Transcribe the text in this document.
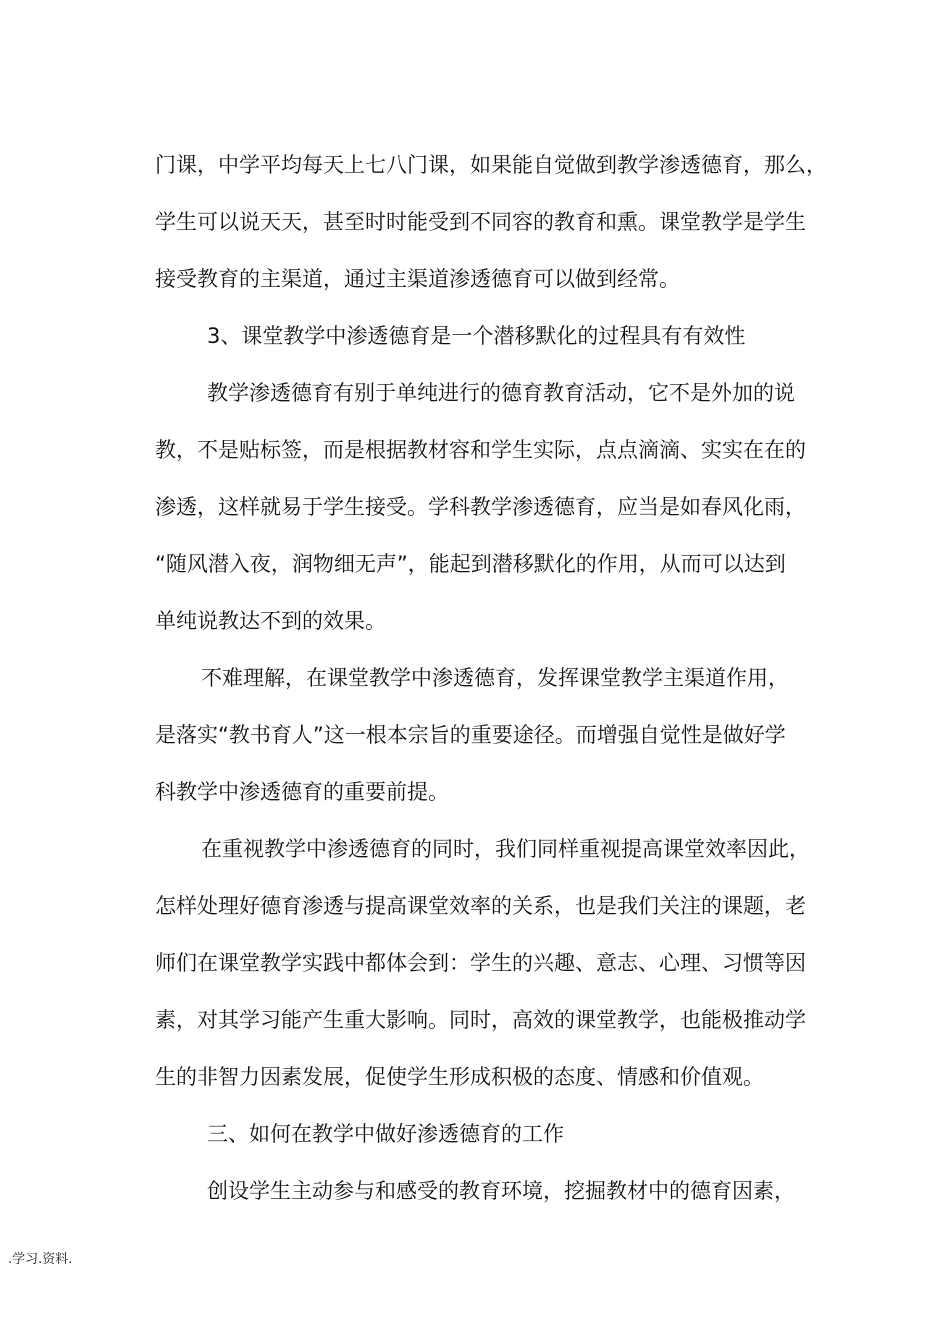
门课，中学平均每天上七八门课，如果能自觉做到教学渗透德育，那么，
学生可以说天天，甚至时时能受到不同容的教育和熏。课堂教学是学生
接受教育的主渠道，通过主渠道渗透德育可以做到经常。
3、课堂教学中渗透德育是一个潜移默化的过程具有有效性
教学渗透德育有别于单纯进行的德育教育活动，它不是外加的说
教，不是贴标签，而是根据教材容和学生实际，点点滴滴、实实在在的
渗透，这样就易于学生接受。学科教学渗透德育，应当是如春风化雨，
“随风潜入夜，润物细无声”，能起到潜移默化的作用，从而可以达到
单纯说教达不到的效果。
不难理解，在课堂教学中渗透德育，发挥课堂教学主渠道作用，
是落实“教书育人”这一根本宗旨的重要途径。而增强自觉性是做好学
科教学中渗透德育的重要前提。
在重视教学中渗透德育的同时，我们同样重视提高课堂效率因此，
怎样处理好德育渗透与提高课堂效率的关系，也是我们关注的课题，老
师们在课堂教学实践中都体会到：学生的兴趣、意志、心理、习惯等因
素，对其学习能产生重大影响。同时，高效的课堂教学，也能极推动学
生的非智力因素发展，促使学生形成积极的态度、情感和价值观。
三、如何在教学中做好渗透德育的工作
创设学生主动参与和感受的教育环境，挖掘教材中的德育因素，
.学习.资料.
